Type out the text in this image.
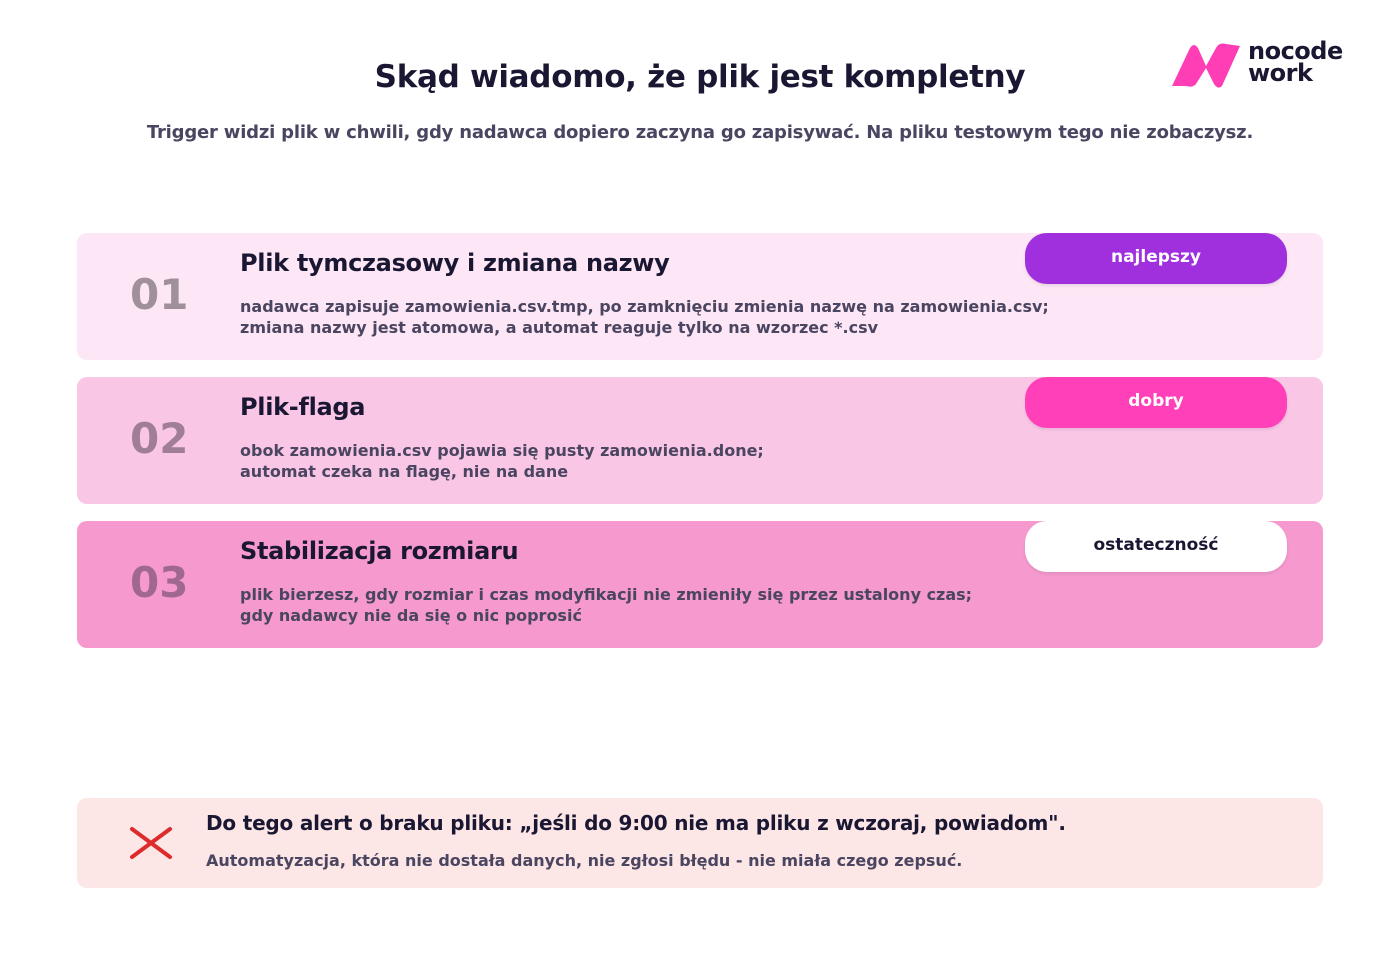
Skąd wiadomo, że plik jest kompletny

Trigger widzi plik w chwili, gdy nadawca dopiero zaczyna go zapisywać. Na pliku testowym tego nie zobaczysz.

nocode
work
01
Plik tymczasowy i zmiana nazwy
nadawca zapisuje zamowienia.csv.tmp, po zamknięciu zmienia nazwę na zamowienia.csv;
zmiana nazwy jest atomowa, a automat reaguje tylko na wzorzec *.csv
najlepszy
02
Plik-flaga
obok zamowienia.csv pojawia się pusty zamowienia.done;
automat czeka na flagę, nie na dane
dobry
03
Stabilizacja rozmiaru
plik bierzesz, gdy rozmiar i czas modyfikacji nie zmieniły się przez ustalony czas;
gdy nadawcy nie da się o nic poprosić
ostateczność
Do tego alert o braku pliku: „jeśli do 9:00 nie ma pliku z wczoraj, powiadom".
Automatyzacja, która nie dostała danych, nie zgłosi błędu - nie miała czego zepsuć.
